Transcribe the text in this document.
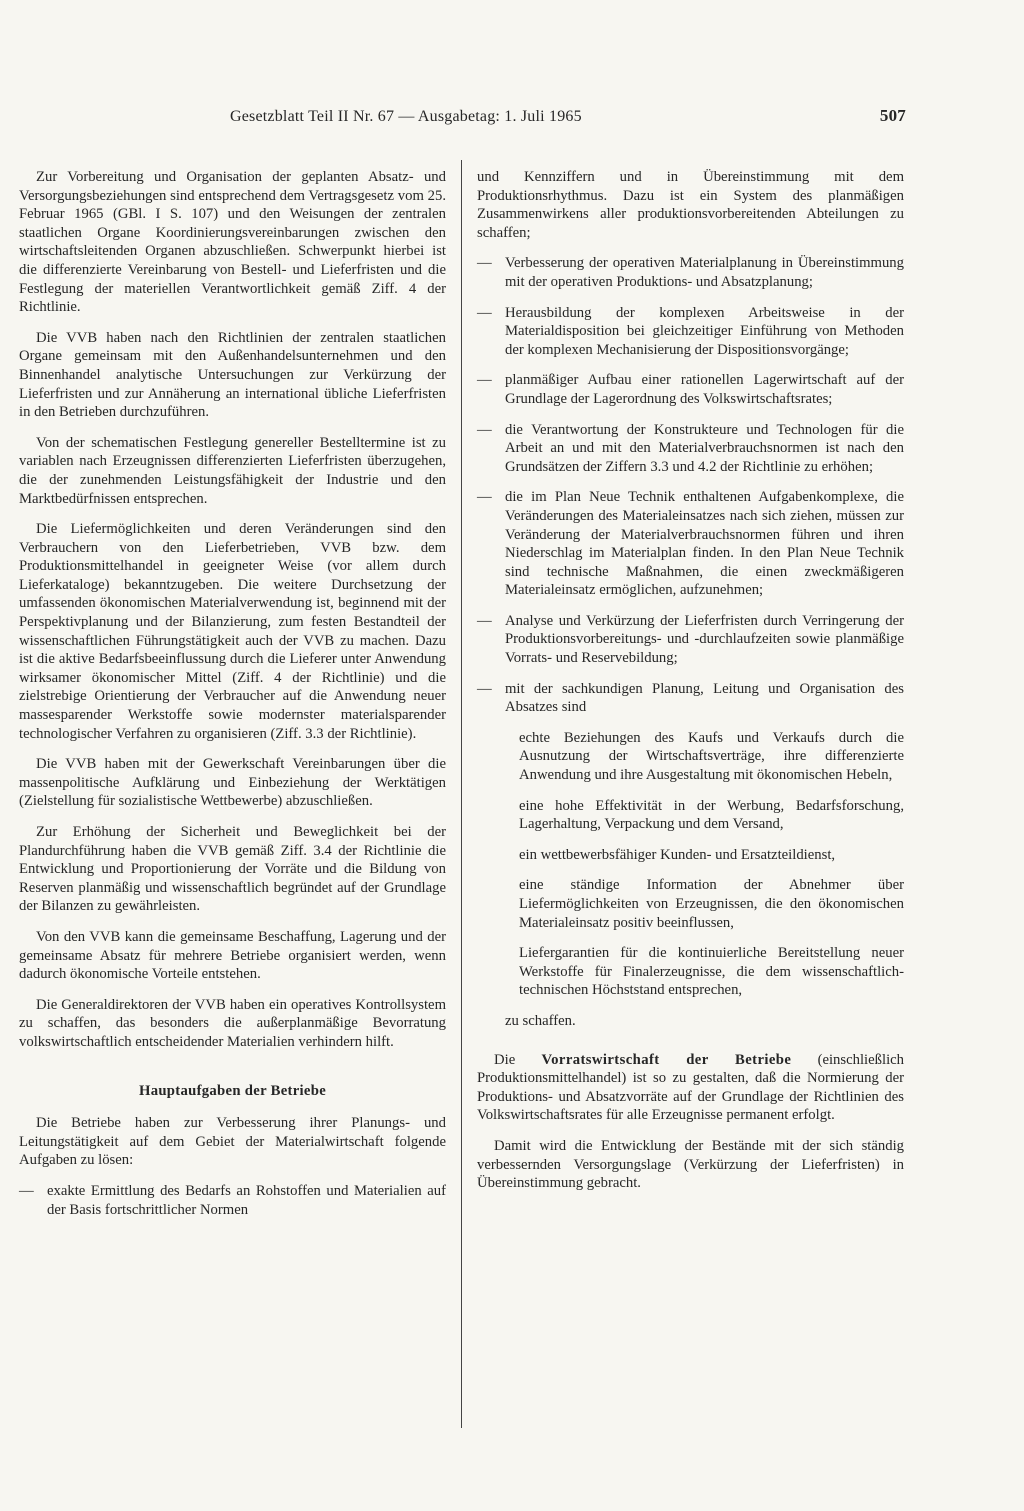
Gesetzblatt Teil II Nr. 67 — Ausgabetag: 1. Juli 1965	507

Zur Vorbereitung und Organisation der geplanten Absatz- und Versorgungsbeziehungen sind entsprechend dem Vertragsgesetz vom 25. Februar 1965 (GBl. I S. 107) und den Weisungen der zentralen staatlichen Organe Koordinierungsvereinbarungen zwischen den wirtschaftsleitenden Organen abzuschließen. Schwerpunkt hierbei ist die differenzierte Vereinbarung von Bestell- und Lieferfristen und die Festlegung der materiellen Verantwortlichkeit gemäß Ziff. 4 der Richtlinie.

Die VVB haben nach den Richtlinien der zentralen staatlichen Organe gemeinsam mit den Außenhandelsunternehmen und den Binnenhandel analytische Untersuchungen zur Verkürzung der Lieferfristen und zur Annäherung an international übliche Lieferfristen in den Betrieben durchzuführen.

Von der schematischen Festlegung genereller Bestelltermine ist zu variablen nach Erzeugnissen differenzierten Lieferfristen überzugehen, die der zunehmenden Leistungsfähigkeit der Industrie und den Marktbedürfnissen entsprechen.

Die Liefermöglichkeiten und deren Veränderungen sind den Verbrauchern von den Lieferbetrieben, VVB bzw. dem Produktionsmittelhandel in geeigneter Weise (vor allem durch Lieferkataloge) bekanntzugeben. Die weitere Durchsetzung der umfassenden ökonomischen Materialverwendung ist, beginnend mit der Perspektivplanung und der Bilanzierung, zum festen Bestandteil der wissenschaftlichen Führungstätigkeit auch der VVB zu machen. Dazu ist die aktive Bedarfsbeeinflussung durch die Lieferer unter Anwendung wirksamer ökonomischer Mittel (Ziff. 4 der Richtlinie) und die zielstrebige Orientierung der Verbraucher auf die Anwendung neuer massesparender Werkstoffe sowie modernster materialsparender technologischer Verfahren zu organisieren (Ziff. 3.3 der Richtlinie).

Die VVB haben mit der Gewerkschaft Vereinbarungen über die massenpolitische Aufklärung und Einbeziehung der Werktätigen (Zielstellung für sozialistische Wettbewerbe) abzuschließen.

Zur Erhöhung der Sicherheit und Beweglichkeit bei der Plandurchführung haben die VVB gemäß Ziff. 3.4 der Richtlinie die Entwicklung und Proportionierung der Vorräte und die Bildung von Reserven planmäßig und wissenschaftlich begründet auf der Grundlage der Bilanzen zu gewährleisten.

Von den VVB kann die gemeinsame Beschaffung, Lagerung und der gemeinsame Absatz für mehrere Betriebe organisiert werden, wenn dadurch ökonomische Vorteile entstehen.

Die Generaldirektoren der VVB haben ein operatives Kontrollsystem zu schaffen, das besonders die außerplanmäßige Bevorratung volkswirtschaftlich entscheidender Materialien verhindern hilft.

Hauptaufgaben der Betriebe

Die Betriebe haben zur Verbesserung ihrer Planungs- und Leitungstätigkeit auf dem Gebiet der Materialwirtschaft folgende Aufgaben zu lösen:

— exakte Ermittlung des Bedarfs an Rohstoffen und Materialien auf der Basis fortschrittlicher Normen

und Kennziffern und in Übereinstimmung mit dem Produktionsrhythmus. Dazu ist ein System des planmäßigen Zusammenwirkens aller produktionsvorbereitenden Abteilungen zu schaffen;

— Verbesserung der operativen Materialplanung in Übereinstimmung mit der operativen Produktions- und Absatzplanung;
— Herausbildung der komplexen Arbeitsweise in der Materialdisposition bei gleichzeitiger Einführung von Methoden der komplexen Mechanisierung der Dispositionsvorgänge;
— planmäßiger Aufbau einer rationellen Lagerwirtschaft auf der Grundlage der Lagerordnung des Volkswirtschaftsrates;
— die Verantwortung der Konstrukteure und Technologen für die Arbeit an und mit den Materialverbrauchsnormen ist nach den Grundsätzen der Ziffern 3.3 und 4.2 der Richtlinie zu erhöhen;
— die im Plan Neue Technik enthaltenen Aufgabenkomplexe, die Veränderungen des Materialeinsatzes nach sich ziehen, müssen zur Veränderung der Materialverbrauchsnormen führen und ihren Niederschlag im Materialplan finden. In den Plan Neue Technik sind technische Maßnahmen, die einen zweckmäßigeren Materialeinsatz ermöglichen, aufzunehmen;
— Analyse und Verkürzung der Lieferfristen durch Verringerung der Produktionsvorbereitungs- und -durchlaufzeiten sowie planmäßige Vorrats- und Reservebildung;
— mit der sachkundigen Planung, Leitung und Organisation des Absatzes sind

echte Beziehungen des Kaufs und Verkaufs durch die Ausnutzung der Wirtschaftsverträge, ihre differenzierte Anwendung und ihre Ausgestaltung mit ökonomischen Hebeln,

eine hohe Effektivität in der Werbung, Bedarfsforschung, Lagerhaltung, Verpackung und dem Versand,

ein wettbewerbsfähiger Kunden- und Ersatzteildienst,

eine ständige Information der Abnehmer über Liefermöglichkeiten von Erzeugnissen, die den ökonomischen Materialeinsatz positiv beeinflussen,

Liefergarantien für die kontinuierliche Bereitstellung neuer Werkstoffe für Finalerzeugnisse, die dem wissenschaftlich-technischen Höchststand entsprechen,

zu schaffen.

Die Vorratswirtschaft der Betriebe (einschließlich Produktionsmittelhandel) ist so zu gestalten, daß die Normierung der Produktions- und Absatzvorräte auf der Grundlage der Richtlinien des Volkswirtschaftsrates für alle Erzeugnisse permanent erfolgt.

Damit wird die Entwicklung der Bestände mit der sich ständig verbessernden Versorgungslage (Verkürzung der Lieferfristen) in Übereinstimmung gebracht.
